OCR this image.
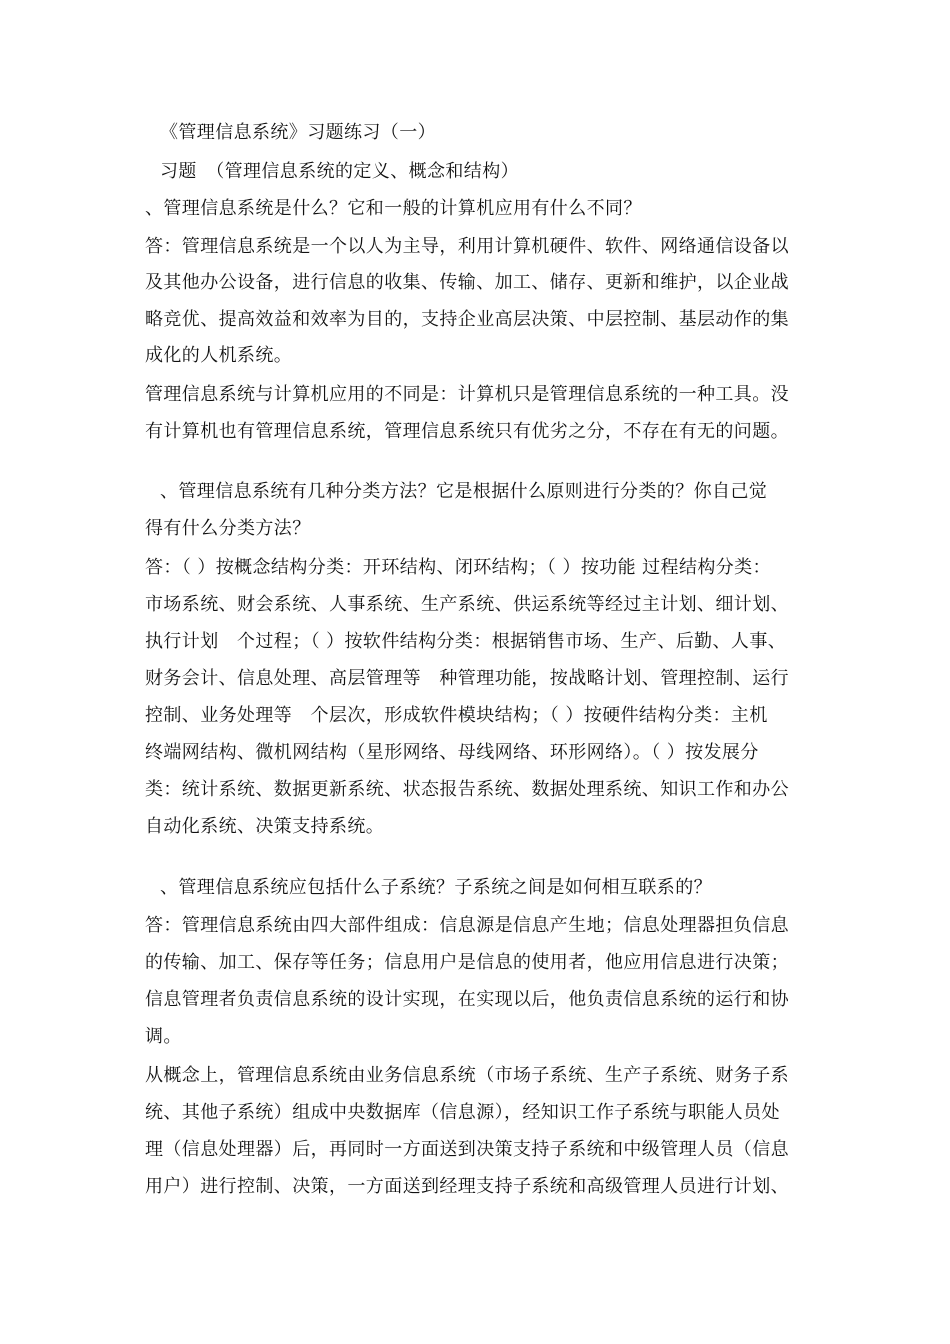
《管理信息系统》习题练习（一）
习题　（管理信息系统的定义、概念和结构）
、管理信息系统是什么？它和一般的计算机应用有什么不同？
答：管理信息系统是一个以人为主导，利用计算机硬件、软件、网络通信设备以
及其他办公设备，进行信息的收集、传输、加工、储存、更新和维护，以企业战
略竞优、提高效益和效率为目的，支持企业高层决策、中层控制、基层动作的集
成化的人机系统。
管理信息系统与计算机应用的不同是：计算机只是管理信息系统的一种工具。没
有计算机也有管理信息系统，管理信息系统只有优劣之分，不存在有无的问题。
、管理信息系统有几种分类方法？它是根据什么原则进行分类的？你自己觉
得有什么分类方法？
答：（ ）按概念结构分类：开环结构、闭环结构；（ ）按功能 过程结构分类：
市场系统、财会系统、人事系统、生产系统、供运系统等经过主计划、细计划、
执行计划　个过程；（ ）按软件结构分类：根据销售市场、生产、后勤、人事、
财务会计、信息处理、高层管理等　种管理功能，按战略计划、管理控制、运行
控制、业务处理等　个层次，形成软件模块结构；（ ）按硬件结构分类：主机
终端网结构、微机网结构（星形网络、母线网络、环形网络）。（ ）按发展分
类：统计系统、数据更新系统、状态报告系统、数据处理系统、知识工作和办公
自动化系统、决策支持系统。
、管理信息系统应包括什么子系统？子系统之间是如何相互联系的？
答：管理信息系统由四大部件组成：信息源是信息产生地；信息处理器担负信息
的传输、加工、保存等任务；信息用户是信息的使用者，他应用信息进行决策；
信息管理者负责信息系统的设计实现，在实现以后，他负责信息系统的运行和协
调。
从概念上，管理信息系统由业务信息系统（市场子系统、生产子系统、财务子系
统、其他子系统）组成中央数据库（信息源），经知识工作子系统与职能人员处
理（信息处理器）后，再同时一方面送到决策支持子系统和中级管理人员（信息
用户）进行控制、决策，一方面送到经理支持子系统和高级管理人员进行计划、
